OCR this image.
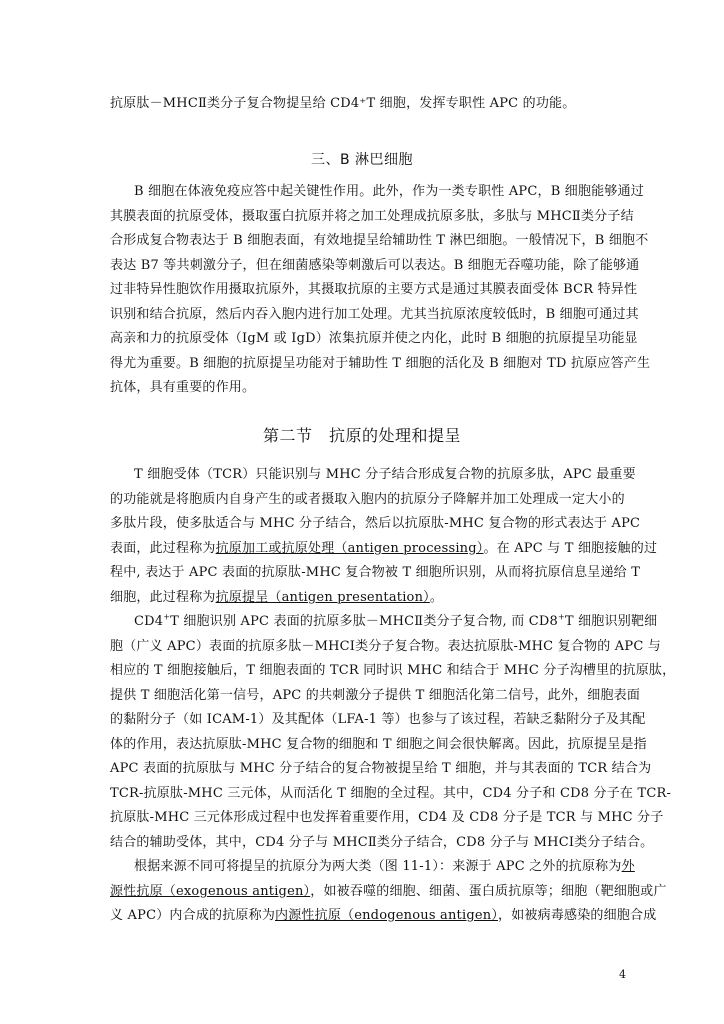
抗原肽－MHCⅡ类分子复合物提呈给 CD4⁺T 细胞，发挥专职性 APC 的功能。
三、B 淋巴细胞
B 细胞在体液免疫应答中起关键性作用。此外，作为一类专职性 APC，B 细胞能够通过
其膜表面的抗原受体，摄取蛋白抗原并将之加工处理成抗原多肽，多肽与 MHCⅡ类分子结
合形成复合物表达于 B 细胞表面，有效地提呈给辅助性 T 淋巴细胞。一般情况下，B 细胞不
表达 B7 等共刺激分子，但在细菌感染等刺激后可以表达。B 细胞无吞噬功能，除了能够通
过非特异性胞饮作用摄取抗原外，其摄取抗原的主要方式是通过其膜表面受体 BCR 特异性
识别和结合抗原，然后内吞入胞内进行加工处理。尤其当抗原浓度较低时，B 细胞可通过其
高亲和力的抗原受体（IgM 或 IgD）浓集抗原并使之内化，此时 B 细胞的抗原提呈功能显
得尤为重要。B 细胞的抗原提呈功能对于辅助性 T 细胞的活化及 B 细胞对 TD 抗原应答产生
抗体，具有重要的作用。
第二节　抗原的处理和提呈
T 细胞受体（TCR）只能识别与 MHC 分子结合形成复合物的抗原多肽，APC 最重要
的功能就是将胞质内自身产生的或者摄取入胞内的抗原分子降解并加工处理成一定大小的
多肽片段，使多肽适合与 MHC 分子结合，然后以抗原肽-MHC 复合物的形式表达于 APC
表面，此过程称为抗原加工或抗原处理（antigen processing）。在 APC 与 T 细胞接触的过
程中, 表达于 APC 表面的抗原肽-MHC 复合物被 T 细胞所识别，从而将抗原信息呈递给 T
细胞，此过程称为抗原提呈（antigen presentation）。
CD4+T 细胞识别 APC 表面的抗原多肽－MHCⅡ类分子复合物, 而 CD8+T 细胞识别靶细
胞（广义 APC）表面的抗原多肽－MHCⅠ类分子复合物。表达抗原肽-MHC 复合物的 APC 与
相应的 T 细胞接触后，T 细胞表面的 TCR 同时识 MHC 和结合于 MHC 分子沟槽里的抗原肽，
提供 T 细胞活化第一信号，APC 的共刺激分子提供 T 细胞活化第二信号，此外，细胞表面
的黏附分子（如 ICAM-1）及其配体（LFA-1 等）也参与了该过程，若缺乏黏附分子及其配
体的作用，表达抗原肽-MHC 复合物的细胞和 T 细胞之间会很快解离。因此，抗原提呈是指
APC 表面的抗原肽与 MHC 分子结合的复合物被提呈给 T 细胞，并与其表面的 TCR 结合为
TCR-抗原肽-MHC 三元体，从而活化 T 细胞的全过程。其中，CD4 分子和 CD8 分子在 TCR-
抗原肽-MHC 三元体形成过程中也发挥着重要作用，CD4 及 CD8 分子是 TCR 与 MHC 分子
结合的辅助受体，其中，CD4 分子与 MHCⅡ类分子结合，CD8 分子与 MHCⅠ类分子结合。
根据来源不同可将提呈的抗原分为两大类（图 11-1）：来源于 APC 之外的抗原称为外
源性抗原（exogenous antigen），如被吞噬的细胞、细菌、蛋白质抗原等；细胞（靶细胞或广
义 APC）内合成的抗原称为内源性抗原（endogenous antigen），如被病毒感染的细胞合成
4
